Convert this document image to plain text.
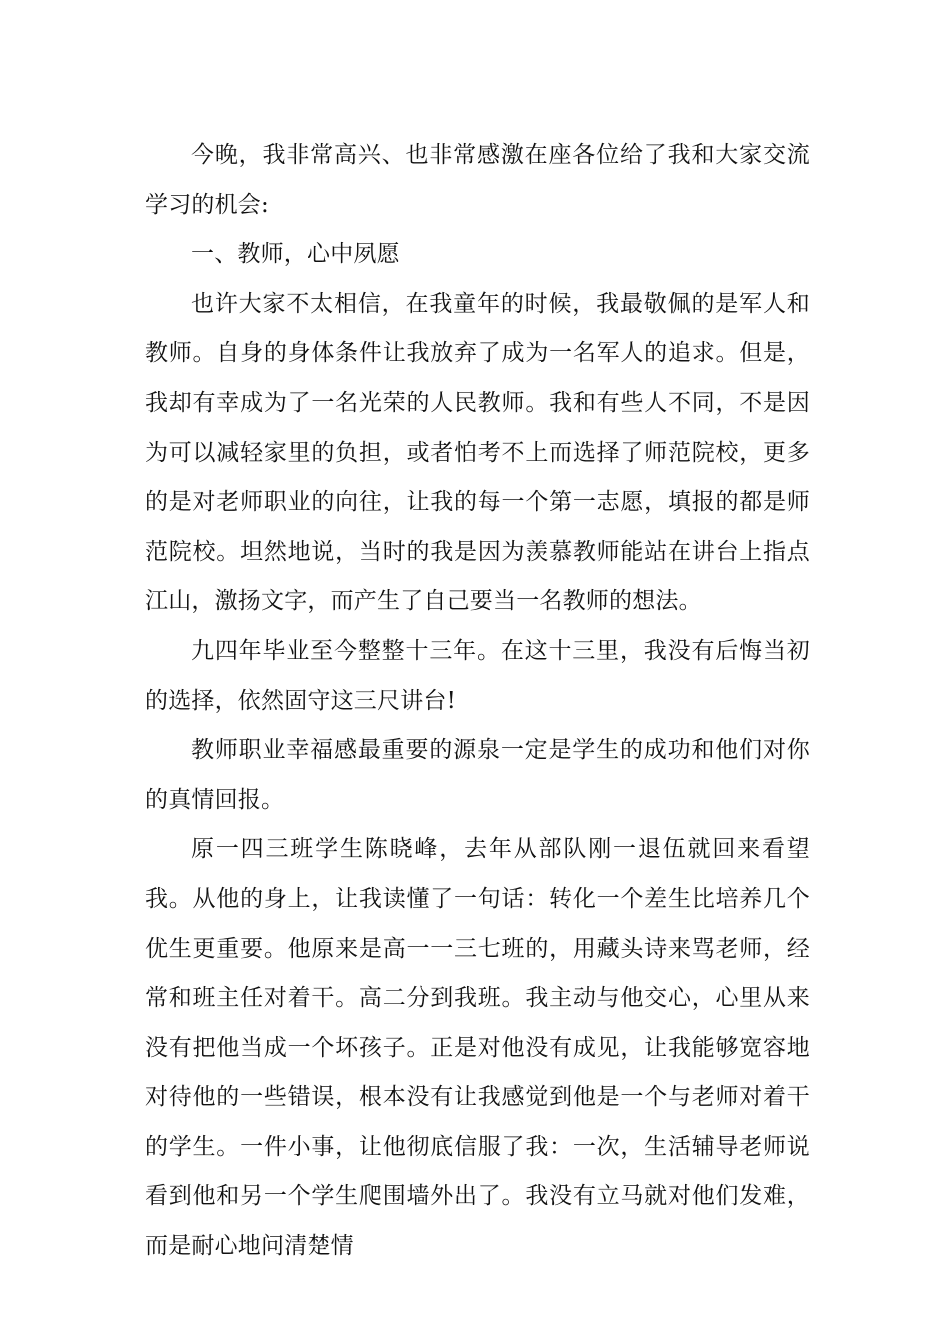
今晚，我非常高兴、也非常感激在座各位给了我和大家交流学习的机会:

一、教师，心中夙愿

也许大家不太相信，在我童年的时候，我最敬佩的是军人和教师。自身的身体条件让我放弃了成为一名军人的追求。但是，我却有幸成为了一名光荣的人民教师。我和有些人不同，不是因为可以减轻家里的负担，或者怕考不上而选择了师范院校，更多的是对老师职业的向往，让我的每一个第一志愿，填报的都是师范院校。坦然地说，当时的我是因为羡慕教师能站在讲台上指点江山，激扬文字，而产生了自己要当一名教师的想法。

九四年毕业至今整整十三年。在这十三里，我没有后悔当初的选择，依然固守这三尺讲台!

教师职业幸福感最重要的源泉一定是学生的成功和他们对你的真情回报。

原一四三班学生陈晓峰，去年从部队刚一退伍就回来看望我。从他的身上，让我读懂了一句话：转化一个差生比培养几个优生更重要。他原来是高一一三七班的，用藏头诗来骂老师，经常和班主任对着干。高二分到我班。我主动与他交心，心里从来没有把他当成一个坏孩子。正是对他没有成见，让我能够宽容地对待他的一些错误，根本没有让我感觉到他是一个与老师对着干的学生。一件小事，让他彻底信服了我：一次，生活辅导老师说看到他和另一个学生爬围墙外出了。我没有立马就对他们发难，而是耐心地问清楚情
